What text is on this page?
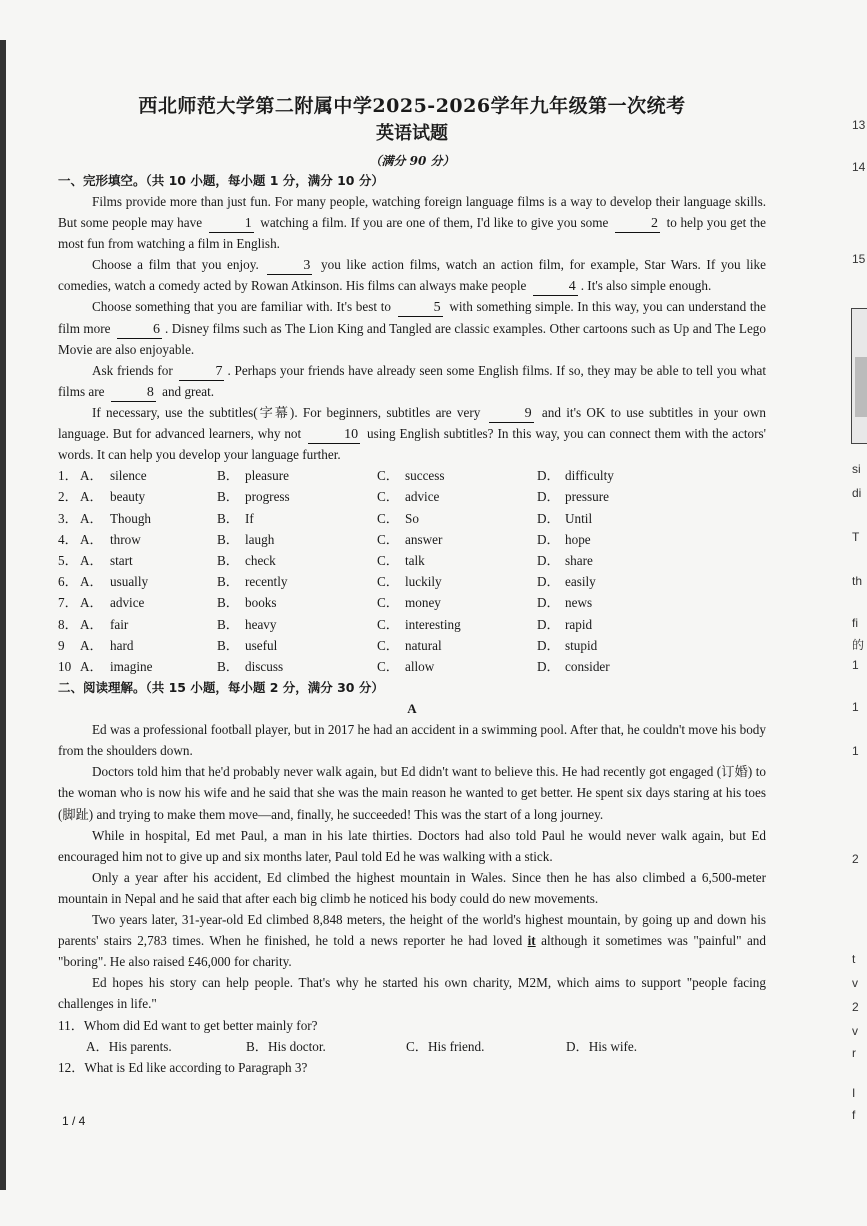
西北师范大学第二附属中学2025-2026学年九年级第一次统考
英语试题
（满分 90 分）
一、完形填空。（共 10 小题，每小题 1 分，满分 10 分）

Films provide more than just fun. For many people, watching foreign language films is a way to develop their language skills. But some people may have	1 watching a film. If you are one of them, I'd like to give you some	2 to help you get the most fun from watching a film in English.

Choose a film that you enjoy.	3 you like action films, watch an action film, for example, Star Wars. If you like comedies, watch a comedy acted by Rowan Atkinson. His films can always make people	4 . It's also simple enough.

Choose something that you are familiar with. It's best to	5 with something simple. In this way, you can understand the film more	6 . Disney films such as The Lion King and Tangled are classic examples. Other cartoons such as Up and The Lego Movie are also enjoyable.

Ask friends for	7 . Perhaps your friends have already seen some English films. If so, they may be able to tell you what films are	8 and great.

If necessary, use the subtitles(字幕). For beginners, subtitles are very	9 and it's OK to use subtitles in your own language. But for advanced learners, why not	10 using English subtitles? In this way, you can connect them with the actors' words. It can help you develop your language further.

1． A． silence	B． pleasure	C． success	D． difficulty
2． A． beauty	B． progress	C． advice	D． pressure
3． A． Though	B． If	C． So	D． Until
4． A． throw	B． laugh	C． answer	D． hope
5． A． start	B． check	C． talk	D． share
6． A． usually	B． recently	C． luckily	D． easily
7． A． advice	B． books	C． money	D． news
8． A． fair	B． heavy	C． interesting	D． rapid
9	A． hard	B． useful	C． natural	D． stupid
10 A． imagine	B． discuss	C． allow	D． consider
二、阅读理解。（共 15 小题，每小题 2 分，满分 30 分）
A

Ed was a professional football player, but in 2017 he had an accident in a swimming pool. After that, he couldn't move his body from the shoulders down.

Doctors told him that he'd probably never walk again, but Ed didn't want to believe this. He had recently got engaged (订婚) to the woman who is now his wife and he said that she was the main reason he wanted to get better. He spent six days staring at his toes (脚趾) and trying to make them move—and, finally, he succeeded! This was the start of a long journey.

While in hospital, Ed met Paul, a man in his late thirties. Doctors had also told Paul he would never walk again, but Ed encouraged him not to give up and six months later, Paul told Ed he was walking with a stick.

Only a year after his accident, Ed climbed the highest mountain in Wales. Since then he has also climbed a 6,500-meter mountain in Nepal and he said that after each big climb he noticed his body could do new movements.

Two years later, 31-year-old Ed climbed 8,848 meters, the height of the world's highest mountain, by going up and down his parents' stairs 2,783 times. When he finished, he told a news reporter he had loved it although it sometimes was "painful" and "boring". He also raised £46,000 for charity.

Ed hopes his story can help people. That's why he started his own charity, M2M, which aims to support "people facing challenges in life."

11．Whom did Ed want to get better mainly for?

A．His parents.	B．His doctor.	C．His friend.	D．His wife.

12．What is Ed like according to Paragraph 3?

1 / 4
13
14
15
si
di
T
th
fi
的
1
1
1
2
t
v
2
v
r
I
f
